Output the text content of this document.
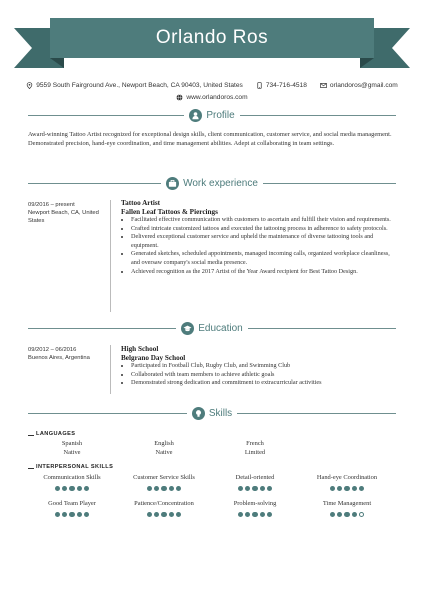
Orlando Ros
9559 South Fairground Ave., Newport Beach, CA 90403, United States	734-716-4518	orlandoros@gmail.com
www.orlandoros.com
Profile
Award-winning Tattoo Artist recognized for exceptional design skills, client communication, customer service, and social media management. Demonstrated precision, hand-eye coordination, and time management abilities. Adept at collaborating in team settings.
Work experience
09/2016 – present
Newport Beach, CA, United States
Tattoo Artist
Fallen Leaf Tattoos & Piercings
• Facilitated effective communication with customers to ascertain and fulfill their vision and requirements.
• Crafted intricate customized tattoos and executed the tattooing process in adherence to safety protocols.
• Delivered exceptional customer service and upheld the maintenance of diverse tattooing tools and equipment.
• Generated sketches, scheduled appointments, managed incoming calls, organized workplace cleanliness, and oversaw company's social media presence.
• Achieved recognition as the 2017 Artist of the Year Award recipient for Best Tattoo Design.
Education
09/2012 – 06/2016
Buenos Aires, Argentina
High School
Belgrano Day School
• Participated in Football Club, Rugby Club, and Swimming Club
• Collaborated with team members to achieve athletic goals
• Demonstrated strong dedication and commitment to extracurricular activities
Skills
LANGUAGES
Spanish
Native
English
Native
French
Limited
INTERPERSONAL SKILLS
Communication Skills	Customer Service Skills	Detail-oriented	Hand-eye Coordination
Good Team Player	Patience/Concentration	Problem-solving	Time Management
